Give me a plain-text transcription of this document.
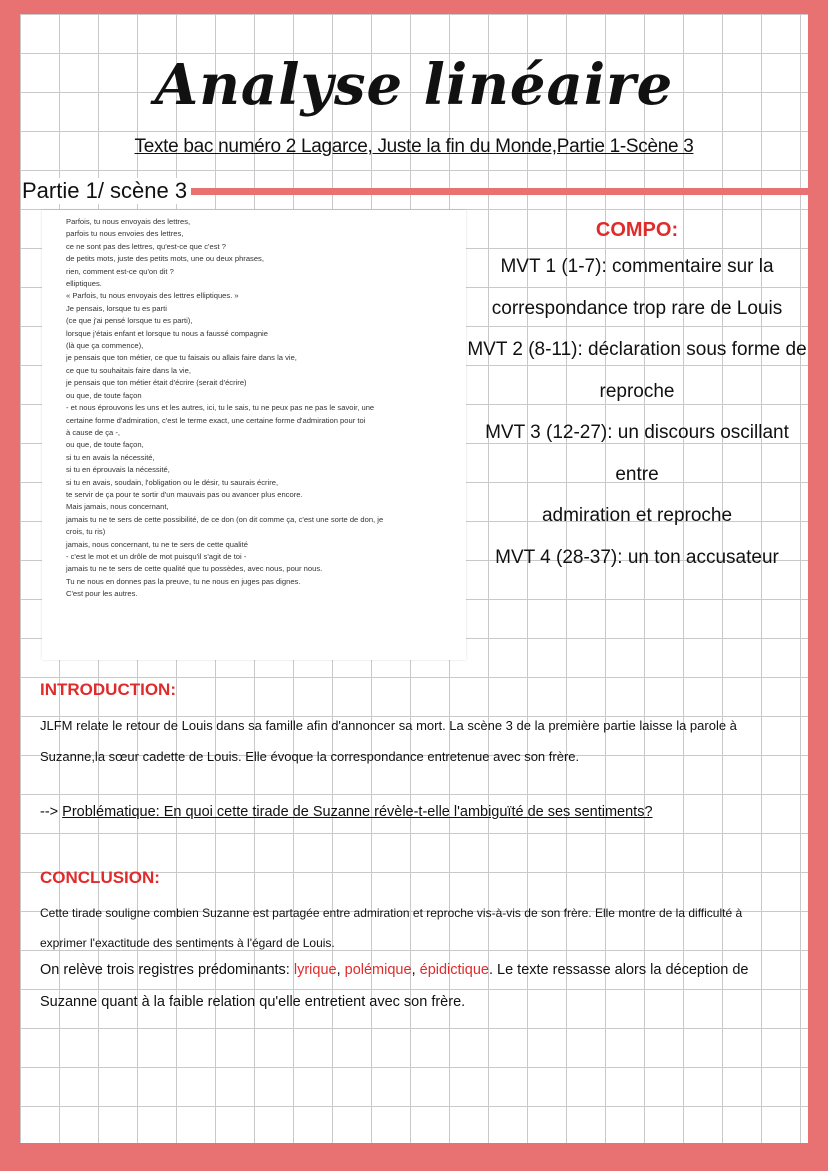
Analyse linéaire
Texte bac numéro 2 Lagarce, Juste la fin du Monde,Partie 1-Scène 3
Partie 1/ scène 3
Parfois, tu nous envoyais des lettres,
parfois tu nous envoies des lettres,
ce ne sont pas des lettres, qu'est-ce que c'est ?
de petits mots, juste des petits mots, une ou deux phrases,
rien, comment est-ce qu'on dit ?
elliptiques.
« Parfois, tu nous envoyais des lettres elliptiques. »
Je pensais, lorsque tu es parti
(ce que j'ai pensé lorsque tu es parti),
lorsque j'étais enfant et lorsque tu nous a faussé compagnie
(là que ça commence),
je pensais que ton métier, ce que tu faisais ou allais faire dans la vie,
ce que tu souhaitais faire dans la vie,
je pensais que ton métier était d'écrire (serait d'écrire)
ou que, de toute façon
- et nous éprouvons les uns et les autres, ici, tu le sais, tu ne peux pas ne pas le savoir, une
certaine forme d'admiration, c'est le terme exact, une certaine forme d'admiration pour toi
à cause de ça -,
ou que, de toute façon,
si tu en avais la nécessité,
si tu en éprouvais la nécessité,
si tu en avais, soudain, l'obligation ou le désir, tu saurais écrire,
te servir de ça pour te sortir d'un mauvais pas ou avancer plus encore.
Mais jamais, nous concernant,
jamais tu ne te sers de cette possibilité, de ce don (on dit comme ça, c'est une sorte de don, je
crois, tu ris)
jamais, nous concernant, tu ne te sers de cette qualité
- c'est le mot et un drôle de mot puisqu'il s'agit de toi -
jamais tu ne te sers de cette qualité que tu possèdes, avec nous, pour nous.
Tu ne nous en donnes pas la preuve, tu ne nous en juges pas dignes.
C'est pour les autres.
COMPO:
MVT 1 (1-7): commentaire sur la
correspondance trop rare de Louis
MVT 2 (8-11): déclaration sous forme de
reproche
MVT 3 (12-27): un discours oscillant entre
admiration et reproche
MVT 4 (28-37): un ton accusateur
INTRODUCTION:
JLFM relate le retour de Louis dans sa famille afin d'annoncer sa mort. La scène 3 de la première partie laisse la parole à Suzanne,la sœur cadette de Louis. Elle évoque la correspondance entretenue avec son frère.
--> Problématique: En quoi cette tirade de Suzanne révèle-t-elle l'ambiguïté de ses sentiments?
CONCLUSION:
Cette tirade souligne combien Suzanne est partagée entre admiration et reproche vis-à-vis de son frère. Elle montre de la difficulté à exprimer l'exactitude des sentiments à l'égard de Louis.
On relève trois registres prédominants: lyrique, polémique, épidictique. Le texte ressasse alors la déception de Suzanne quant à la faible relation qu'elle entretient avec son frère.
